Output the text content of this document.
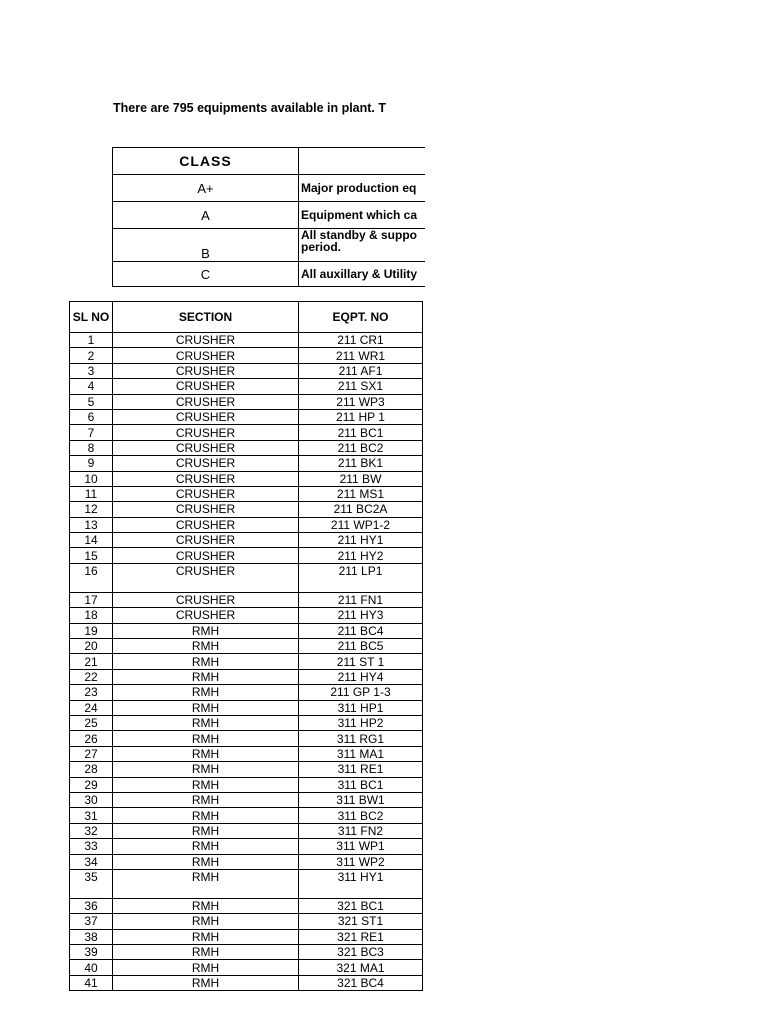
There are 795 equipments available in plant. T
CLASS	
A+	Major production eq
A	Equipment which ca
B	All standby & suppo period.
C	All auxillary & Utility
SL NO	SECTION	EQPT. NO
1	CRUSHER	211 CR1
2	CRUSHER	211 WR1
3	CRUSHER	211 AF1
4	CRUSHER	211 SX1
5	CRUSHER	211 WP3
6	CRUSHER	211 HP 1
7	CRUSHER	211 BC1
8	CRUSHER	211 BC2
9	CRUSHER	211 BK1
10	CRUSHER	211 BW
11	CRUSHER	211 MS1
12	CRUSHER	211 BC2A
13	CRUSHER	211 WP1-2
14	CRUSHER	211 HY1
15	CRUSHER	211 HY2
16	CRUSHER	211 LP1
17	CRUSHER	211 FN1
18	CRUSHER	211 HY3
19	RMH	211 BC4
20	RMH	211 BC5
21	RMH	211 ST 1
22	RMH	211 HY4
23	RMH	211 GP 1-3
24	RMH	311 HP1
25	RMH	311 HP2
26	RMH	311 RG1
27	RMH	311 MA1
28	RMH	311 RE1
29	RMH	311 BC1
30	RMH	311 BW1
31	RMH	311 BC2
32	RMH	311 FN2
33	RMH	311 WP1
34	RMH	311 WP2
35	RMH	311 HY1
36	RMH	321 BC1
37	RMH	321 ST1
38	RMH	321 RE1
39	RMH	321 BC3
40	RMH	321 MA1
41	RMH	321 BC4
